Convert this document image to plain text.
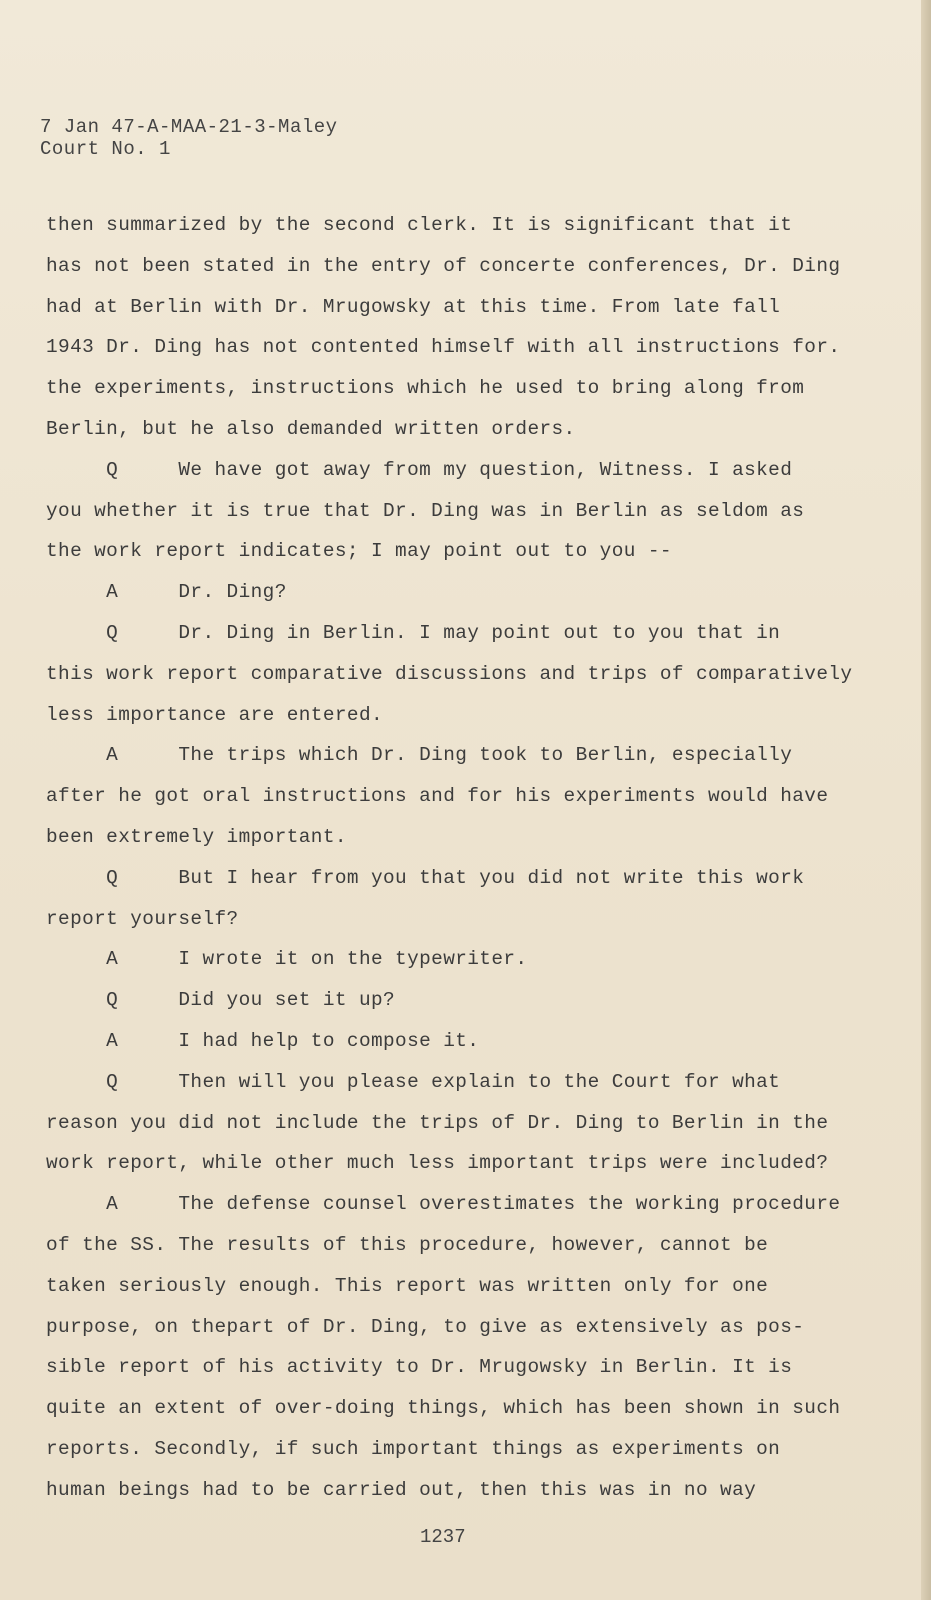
7 Jan 47-A-MAA-21-3-Maley
Court No. 1
then summarized by the second clerk. It is significant that it
has not been stated in the entry of concerte conferences, Dr. Ding
had at Berlin with Dr. Mrugowsky at this time. From late fall
1943 Dr. Ding has not contented himself with all instructions for.
the experiments, instructions which he used to bring along from
Berlin, but he also demanded written orders.
Q     We have got away from my question, Witness. I asked
you whether it is true that Dr. Ding was in Berlin as seldom as
the work report indicates; I may point out to you --
A     Dr. Ding?
Q     Dr. Ding in Berlin. I may point out to you that in
this work report comparative discussions and trips of comparatively
less importance are entered.
A     The trips which Dr. Ding took to Berlin, especially
after he got oral instructions and for his experiments would have
been extremely important.
Q     But I hear from you that you did not write this work
report yourself?
A     I wrote it on the typewriter.
Q     Did you set it up?
A     I had help to compose it.
Q     Then will you please explain to the Court for what
reason you did not include the trips of Dr. Ding to Berlin in the
work report, while other much less important trips were included?
A     The defense counsel overestimates the working procedure
of the SS. The results of this procedure, however, cannot be
taken seriously enough. This report was written only for one
purpose, on thepart of Dr. Ding, to give as extensively as pos-
sible report of his activity to Dr. Mrugowsky in Berlin. It is
quite an extent of over-doing things, which has been shown in such
reports. Secondly, if such important things as experiments on
human beings had to be carried out, then this was in no way
1237
